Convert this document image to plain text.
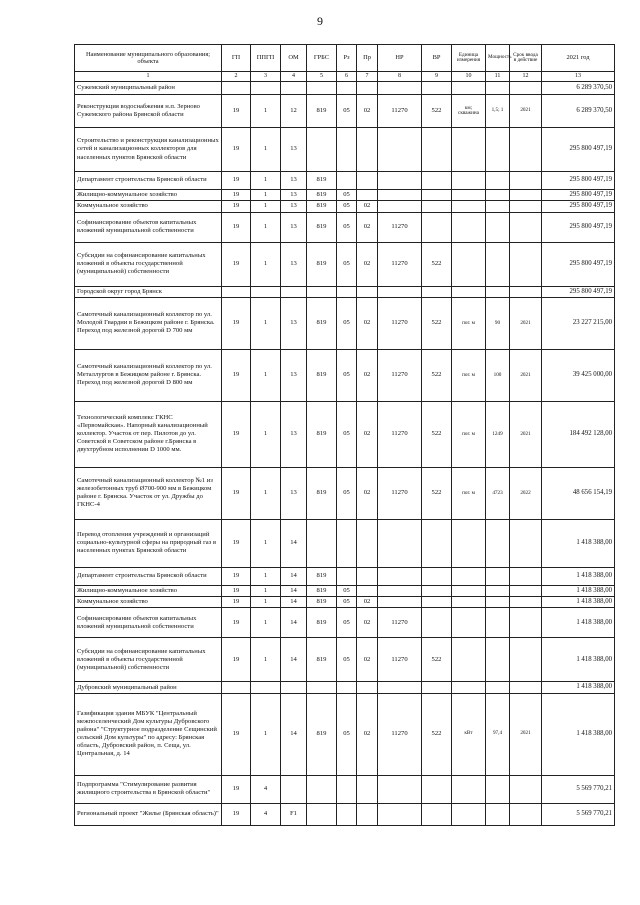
9
Наименование муниципального образования; объекта	ГП	ППГП	ОМ	ГРБС	Рз	Пр	НР	ВР	Единица измерения	Мощность	Срок ввода в действие	2021 год
1	2	3	4	5	6	7	8	9	10	11	12	13
Сужемский муниципальный район												6 289 370,50
Реконструкция водоснабжения н.п. Зерново Сужемского района Брянской области	19	1	12	819	05	02	11270	522	км; скважина	1,5; 1	2021	6 289 370,50
Строительство и реконструкция канализационных сетей и канализационных коллекторов для населенных пунктов Брянской области	19	1	13									295 800 497,19
Департамент строительства Брянской области	19	1	13	819								295 800 497,19
Жилищно-коммунальное хозяйство	19	1	13	819	05							295 800 497,19
Коммунальное хозяйство	19	1	13	819	05	02						295 800 497,19
Софинансирование объектов капитальных вложений муниципальной собственности	19	1	13	819	05	02	11270					295 800 497,19
Субсидии на софинансирование капитальных вложений в объекты государственной (муниципальной) собственности	19	1	13	819	05	02	11270	522				295 800 497,19
Городской округ город Брянск												295 800 497,19
Самотечный канализационный коллектор по ул. Молодой Гвардии в Бежицком районе г. Брянска. Переход под железной дорогой D 700 мм	19	1	13	819	05	02	11270	522	пог. м	90	2021	23 227 215,00
Самотечный канализационный коллектор по ул. Металлургов в Бежицком районе г. Брянска. Переход под железной дорогой D 800 мм	19	1	13	819	05	02	11270	522	пог. м	100	2021	39 425 000,00
Технологический комплекс ГКНС «Первомайская». Напорный канализационный коллектор. Участок от пер. Пилотов до ул. Советской в Советском районе г.Брянска в двухтрубном исполнении D 1000 мм.	19	1	13	819	05	02	11270	522	пог. м	1249	2021	184 492 128,00
Самотечный канализационный коллектор №1 из железобетонных труб Ø700-900 мм в Бежицком районе г. Брянска. Участок от ул. Дружбы до ГКНС-4	19	1	13	819	05	02	11270	522	пог. м	4723	2022	48 656 154,19
Перевод отопления учреждений и организаций социально-культурной сферы на природный газ в населенных пунктах Брянской области	19	1	14									1 418 388,00
Департамент строительства Брянской области	19	1	14	819								1 418 388,00
Жилищно-коммунальное хозяйство	19	1	14	819	05							1 418 388,00
Коммунальное хозяйство	19	1	14	819	05	02						1 418 388,00
Софинансирование объектов капитальных вложений муниципальной собственности	19	1	14	819	05	02	11270					1 418 388,00
Субсидии на софинансирование капитальных вложений в объекты государственной (муниципальной) собственности	19	1	14	819	05	02	11270	522				1 418 388,00
Дубровский муниципальный район												1 418 388,00
Газификация здания МБУК "Центральный межпоселенческий Дом культуры Дубровского района" "Структурное подразделение Сещинский сельский Дом культуры" по адресу: Брянская область, Дубровский район, п. Сеща, ул. Центральная, д. 14	19	1	14	819	05	02	11270	522	кВт	97,4	2021	1 418 388,00
Подпрограмма "Стимулирование развития жилищного строительства в Брянской области"	19	4										5 569 770,21
Региональный проект "Жилье (Брянская область)"	19	4	F1									5 569 770,21
